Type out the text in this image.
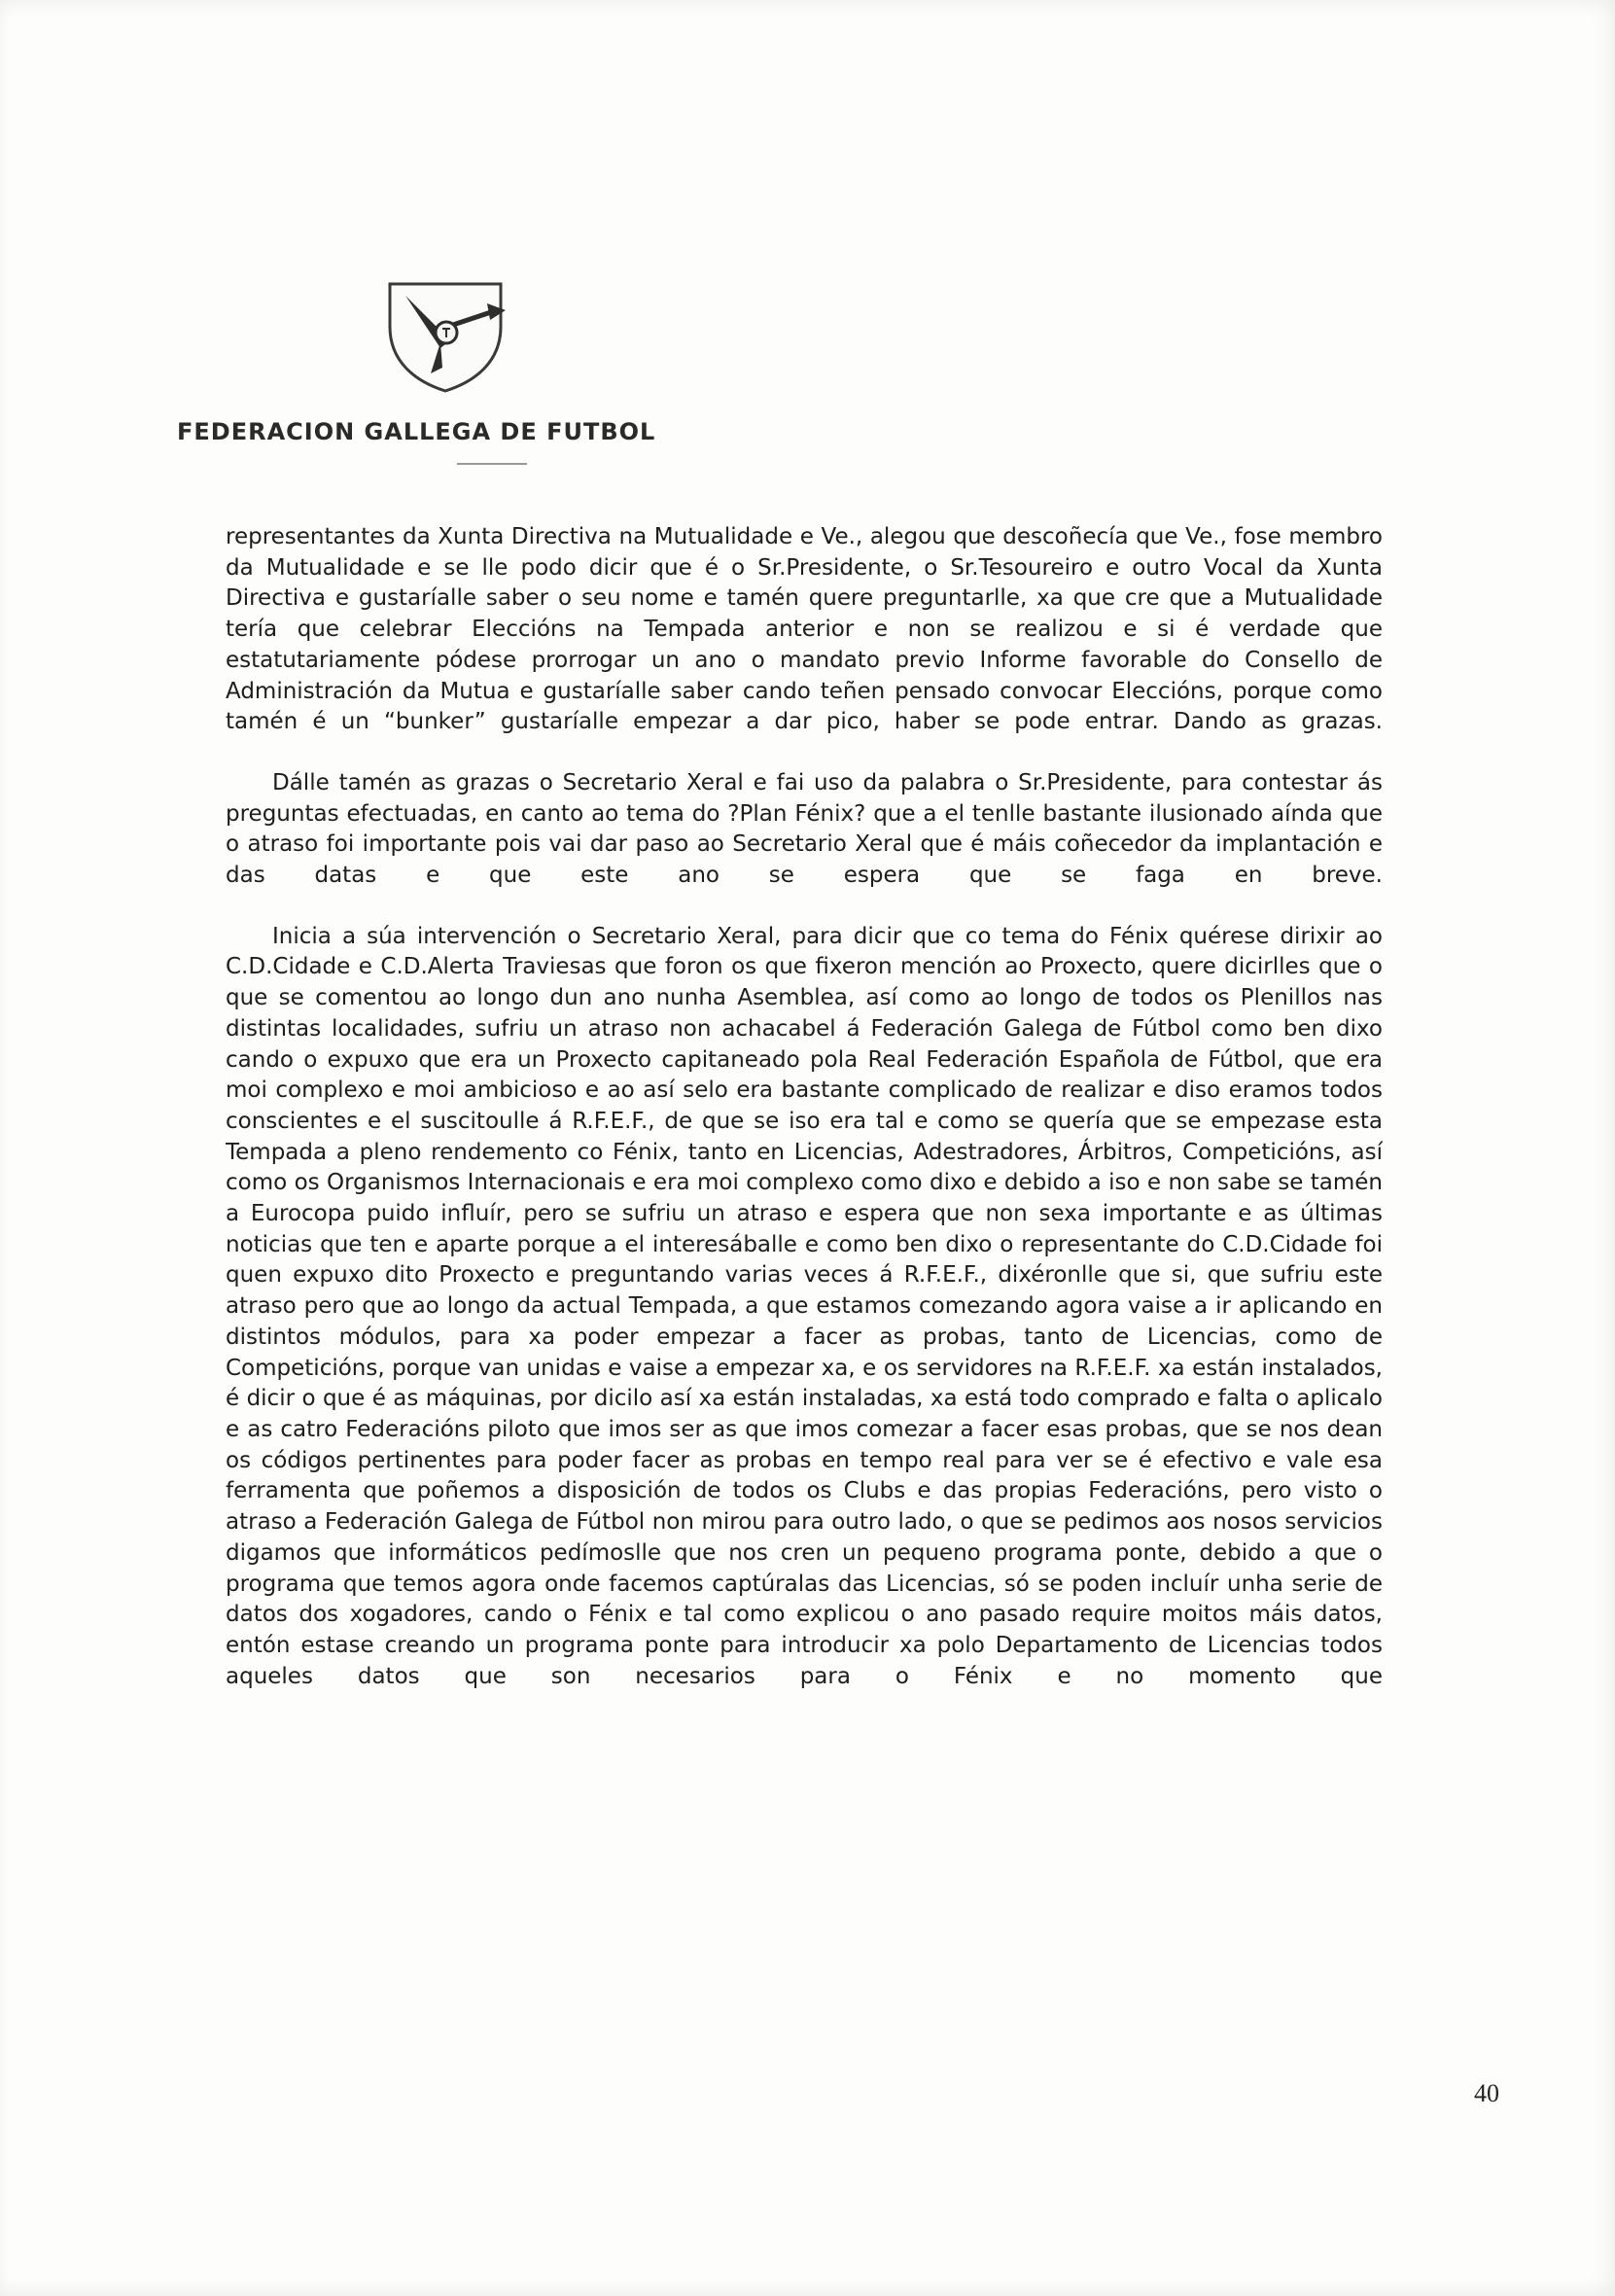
FEDERACION GALLEGA DE FUTBOL

representantes da Xunta Directiva na Mutualidade e Ve., alegou que descoñecía que Ve., fose membro da Mutualidade e se lle podo dicir que é o Sr.Presidente, o Sr.Tesoureiro e outro Vocal da Xunta Directiva e gustaríalle saber o seu nome e tamén quere preguntarlle, xa que cre que a Mutualidade tería que celebrar Eleccións na Tempada anterior e non se realizou e si é verdade que estatutariamente pódese prorrogar un ano o mandato previo Informe favorable do Consello de Administración da Mutua e gustaríalle saber cando teñen pensado convocar Eleccións, porque como tamén é un “bunker” gustaríalle empezar a dar pico, haber se pode entrar. Dando as grazas.

Dálle tamén as grazas o Secretario Xeral e fai uso da palabra o Sr.Presidente, para contestar ás preguntas efectuadas, en canto ao tema do ?Plan Fénix? que a el tenlle bastante ilusionado aínda que o atraso foi importante pois vai dar paso ao Secretario Xeral que é máis coñecedor da implantación e das datas e que este ano se espera que se faga en breve.

Inicia a súa intervención o Secretario Xeral, para dicir que co tema do Fénix quérese dirixir ao C.D.Cidade e C.D.Alerta Traviesas que foron os que fixeron mención ao Proxecto, quere dicirlles que o que se comentou ao longo dun ano nunha Asemblea, así como ao longo de todos os Plenillos nas distintas localidades, sufriu un atraso non achacabel á Federación Galega de Fútbol como ben dixo cando o expuxo que era un Proxecto capitaneado pola Real Federación Española de Fútbol, que era moi complexo e moi ambicioso e ao así selo era bastante complicado de realizar e diso eramos todos conscientes e el suscitoulle á R.F.E.F., de que se iso era tal e como se quería que se empezase esta Tempada a pleno rendemento co Fénix, tanto en Licencias, Adestradores, Árbitros, Competicións, así como os Organismos Internacionais e era moi complexo como dixo e debido a iso e non sabe se tamén a Eurocopa puido influír, pero se sufriu un atraso e espera que non sexa importante e as últimas noticias que ten e aparte porque a el interesáballe e como ben dixo o representante do C.D.Cidade foi quen expuxo dito Proxecto e preguntando varias veces á R.F.E.F., dixéronlle que si, que sufriu este atraso pero que ao longo da actual Tempada, a que estamos comezando agora vaise a ir aplicando en distintos módulos, para xa poder empezar a facer as probas, tanto de Licencias, como de Competicións, porque van unidas e vaise a empezar xa, e os servidores na R.F.E.F. xa están instalados, é dicir o que é as máquinas, por dicilo así xa están instaladas, xa está todo comprado e falta o aplicalo e as catro Federacións piloto que imos ser as que imos comezar a facer esas probas, que se nos dean os códigos pertinentes para poder facer as probas en tempo real para ver se é efectivo e vale esa ferramenta que poñemos a disposición de todos os Clubs e das propias Federacións, pero visto o atraso a Federación Galega de Fútbol non mirou para outro lado, o que se pedimos aos nosos servicios digamos que informáticos pedímoslle que nos cren un pequeno programa ponte, debido a que o programa que temos agora onde facemos captúralas das Licencias, só se poden incluír unha serie de datos dos xogadores, cando o Fénix e tal como explicou o ano pasado require moitos máis datos, entón estase creando un programa ponte para introducir xa polo Departamento de Licencias todos aqueles datos que son necesarios para o Fénix e no momento que

40
